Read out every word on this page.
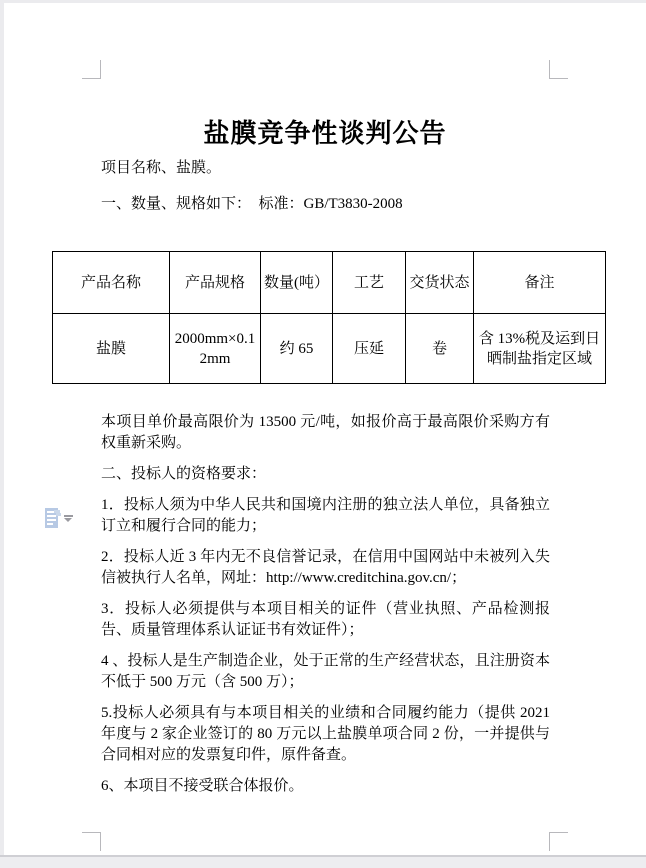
盐膜竞争性谈判公告
项目名称、盐膜。
一、数量、规格如下：　标准：GB/T3830-2008
产品名称	产品规格	数量(吨）	工艺	交货状态	备注
盐膜	2000mm×0.12mm	约 65	压延	卷	含 13%税及运到日晒制盐指定区域

本项目单价最高限价为 13500 元/吨，如报价高于最高限价采购方有权重新采购。

二、投标人的资格要求：

1．投标人须为中华人民共和国境内注册的独立法人单位，具备独立订立和履行合同的能力；

2．投标人近 3 年内无不良信誉记录，在信用中国网站中未被列入失信被执行人名单，网址：http://www.creditchina.gov.cn/；

3．投标人必须提供与本项目相关的证件（营业执照、产品检测报告、质量管理体系认证证书有效证件）；

4 、投标人是生产制造企业，处于正常的生产经营状态，且注册资本不低于 500 万元（含 500 万）；

5.投标人必须具有与本项目相关的业绩和合同履约能力（提供 2021 年度与 2 家企业签订的 80 万元以上盐膜单项合同 2 份，一并提供与合同相对应的发票复印件，原件备查。

6、本项目不接受联合体报价。
